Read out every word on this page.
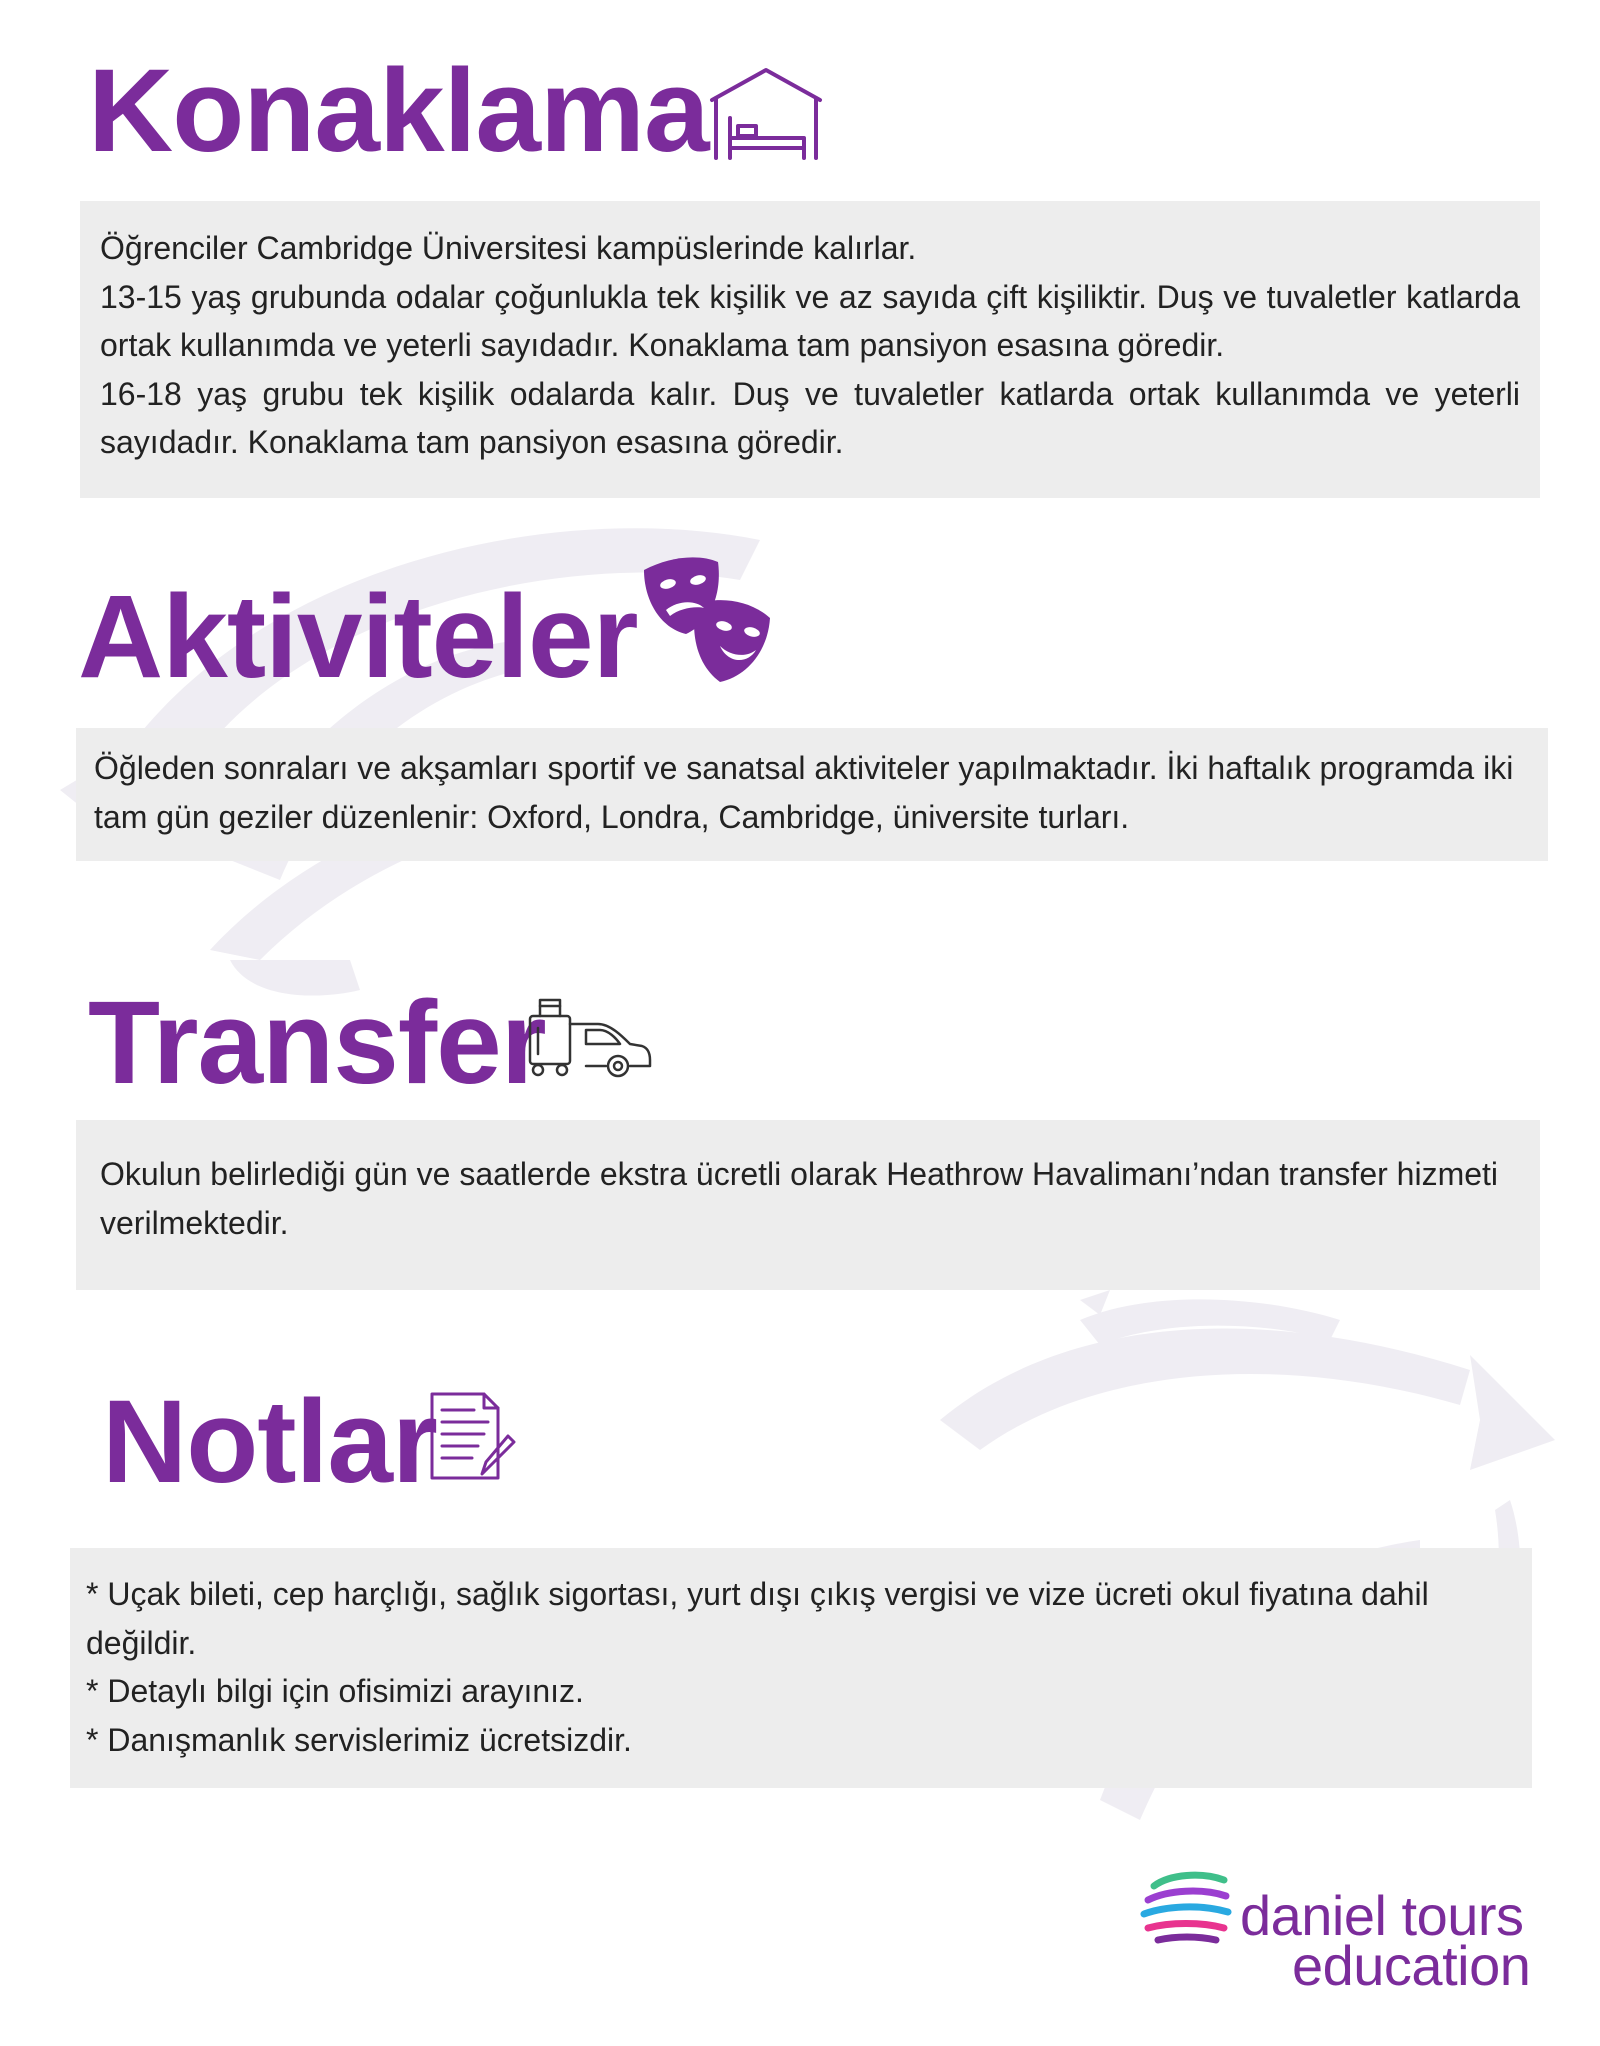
Konaklama

Öğrenciler Cambridge Üniversitesi kampüslerinde kalırlar.

13-15 yaş grubunda odalar çoğunlukla tek kişilik ve az sayıda çift kişiliktir. Duş ve tuvaletler katlarda ortak kullanımda ve yeterli sayıdadır. Konaklama tam pansiyon esasına göredir.

16-18 yaş grubu tek kişilik odalarda kalır. Duş ve tuvaletler katlarda ortak kullanımda ve yeterli sayıdadır. Konaklama tam pansiyon esasına göredir.

Aktiviteler

Öğleden sonraları ve akşamları sportif ve sanatsal aktiviteler yapılmaktadır. İki haftalık programda iki tam gün geziler düzenlenir: Oxford, Londra, Cambridge, üniversite turları.

Transfer

Okulun belirlediği gün ve saatlerde ekstra ücretli olarak Heathrow Havalimanı’ndan transfer hizmeti verilmektedir.

Notlar

* Uçak bileti, cep harçlığı, sağlık sigortası, yurt dışı çıkış vergisi ve vize ücreti okul fiyatına dahil değildir.

* Detaylı bilgi için ofisimizi arayınız.

* Danışmanlık servislerimiz ücretsizdir.

daniel tours
education
